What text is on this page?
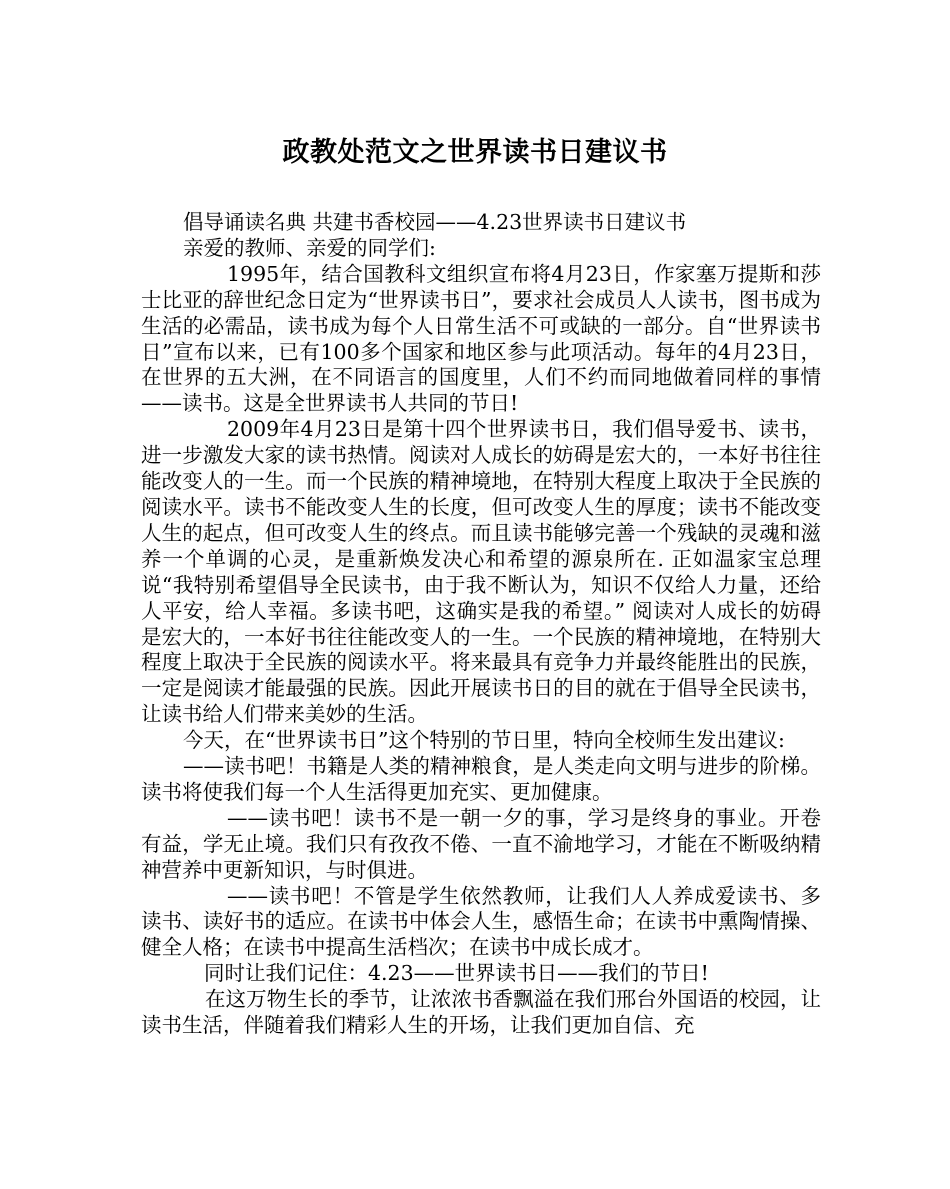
政教处范文之世界读书日建议书

倡导诵读名典 共建书香校园——4.23世界读书日建议书

亲爱的教师、亲爱的同学们:

1995年，结合国教科文组织宣布将4月23日，作家塞万提斯和莎士比亚的辞世纪念日定为“世界读书日”，要求社会成员人人读书，图书成为生活的必需品，读书成为每个人日常生活不可或缺的一部分。自“世界读书日”宣布以来，已有100多个国家和地区参与此项活动。每年的4月23日，在世界的五大洲，在不同语言的国度里，人们不约而同地做着同样的事情——读书。这是全世界读书人共同的节日!

2009年4月23日是第十四个世界读书日，我们倡导爱书、读书，进一步激发大家的读书热情。阅读对人成长的妨碍是宏大的，一本好书往往能改变人的一生。而一个民族的精神境地，在特别大程度上取决于全民族的阅读水平。读书不能改变人生的长度，但可改变人生的厚度；读书不能改变人生的起点，但可改变人生的终点。而且读书能够完善一个残缺的灵魂和滋养一个单调的心灵，是重新焕发决心和希望的源泉所在. 正如温家宝总理说“我特别希望倡导全民读书，由于我不断认为，知识不仅给人力量，还给人平安，给人幸福。多读书吧，这确实是我的希望。” 阅读对人成长的妨碍是宏大的，一本好书往往能改变人的一生。一个民族的精神境地，在特别大程度上取决于全民族的阅读水平。将来最具有竞争力并最终能胜出的民族，一定是阅读才能最强的民族。因此开展读书日的目的就在于倡导全民读书，让读书给人们带来美妙的生活。

今天，在“世界读书日”这个特别的节日里，特向全校师生发出建议:

——读书吧！书籍是人类的精神粮食，是人类走向文明与进步的阶梯。读书将使我们每一个人生活得更加充实、更加健康。

——读书吧！读书不是一朝一夕的事，学习是终身的事业。开卷有益，学无止境。我们只有孜孜不倦、一直不渝地学习，才能在不断吸纳精神营养中更新知识，与时俱进。

——读书吧！不管是学生依然教师，让我们人人养成爱读书、多读书、读好书的适应。在读书中体会人生，感悟生命；在读书中熏陶情操、健全人格；在读书中提高生活档次；在读书中成长成才。

同时让我们记住：4.23——世界读书日——我们的节日!

在这万物生长的季节，让浓浓书香飘溢在我们邢台外国语的校园，让读书生活，伴随着我们精彩人生的开场，让我们更加自信、充
